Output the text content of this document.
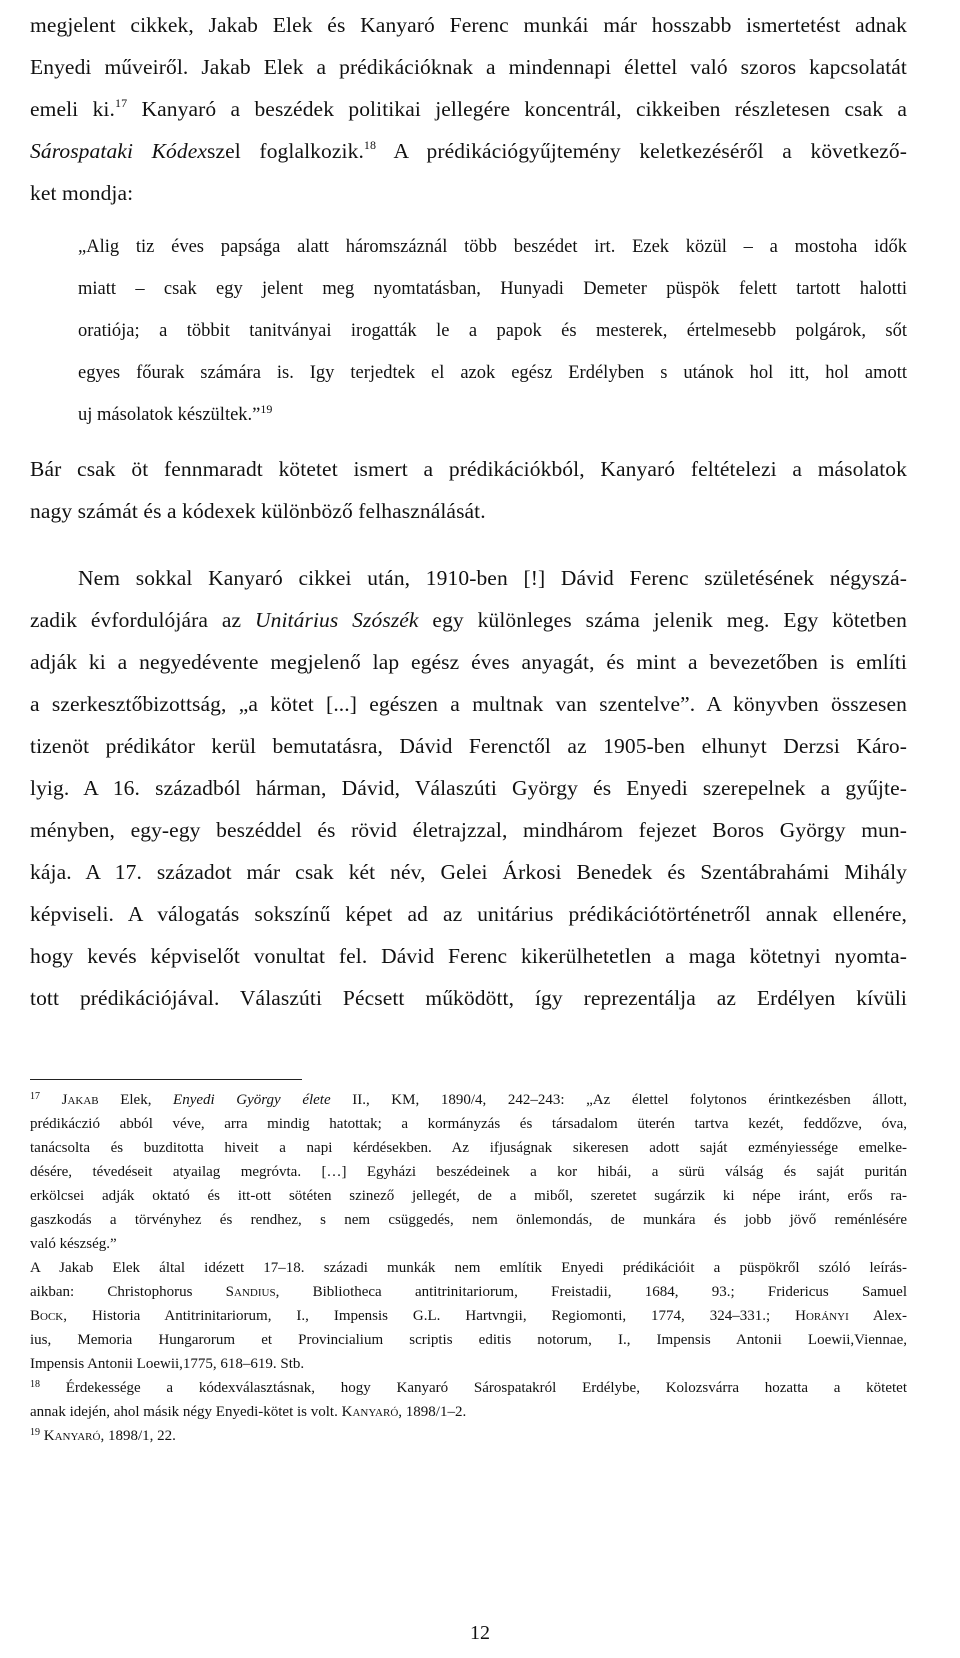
megjelent cikkek, Jakab Elek és Kanyaró Ferenc munkái már hosszabb ismertetést adnak
Enyedi műveiről. Jakab Elek a prédikációknak a mindennapi élettel való szoros kapcsolatát
emeli ki.$^{17}$ Kanyaró a beszédek politikai jellegére koncentrál, cikkeiben részletesen csak a
Sárospataki Kódexszel foglalkozik.$^{18}$ A prédikációgyűjtemény keletkezéséről a következő-
ket mondja:
„Alig tiz éves papsága alatt háromszáznál több beszédet irt. Ezek közül – a mostoha idők
miatt – csak egy jelent meg nyomtatásban, Hunyadi Demeter püspök felett tartott halotti
oratiója; a többit tanitványai irogatták le a papok és mesterek, értelmesebb polgárok, sőt
egyes főurak számára is. Igy terjedtek el azok egész Erdélyben s utánok hol itt, hol amott
uj másolatok készültek.”$^{19}$
Bár csak öt fennmaradt kötetet ismert a prédikációkból, Kanyaró feltételezi a másolatok
nagy számát és a kódexek különböző felhasználását.
Nem sokkal Kanyaró cikkei után, 1910-ben [!] Dávid Ferenc születésének négyszá-
zadik évfordulójára az Unitárius Szószék egy különleges száma jelenik meg. Egy kötetben
adják ki a negyedévente megjelenő lap egész éves anyagát, és mint a bevezetőben is említi
a szerkesztőbizottság, „a kötet [...] egészen a multnak van szentelve”. A könyvben összesen
tizenöt prédikátor kerül bemutatásra, Dávid Ferenctől az 1905-ben elhunyt Derzsi Káro-
lyig. A 16. századból hárman, Dávid, Válaszúti György és Enyedi szerepelnek a gyűjte-
ményben, egy-egy beszéddel és rövid életrajzzal, mindhárom fejezet Boros György mun-
kája. A 17. századot már csak két név, Gelei Árkosi Benedek és Szentábrahámi Mihály
képviseli. A válogatás sokszínű képet ad az unitárius prédikációtörténetről annak ellenére,
hogy kevés képviselőt vonultat fel. Dávid Ferenc kikerülhetetlen a maga kötetnyi nyomta-
tott prédikációjával. Válaszúti Pécsett működött, így reprezentálja az Erdélyen kívüli
$^{17}$ Jakab Elek, Enyedi György élete II., KM, 1890/4, 242–243: „Az élettel folytonos érintkezésben állott,
prédikáczió abból véve, arra mindig hatottak; a kormányzás és társadalom üterén tartva kezét, feddőzve, óva,
tanácsolta és buzditotta hiveit a napi kérdésekben. Az ifjuságnak sikeresen adott saját ezményiessége emelke-
désére, tévedéseit atyailag megróvta. […] Egyházi beszédeinek a kor hibái, a sürü válság és saját puritán
erkölcsei adják oktató és itt-ott sötéten szinező jellegét, de a miből, szeretet sugárzik ki népe iránt, erős ra-
gaszkodás a törvényhez és rendhez, s nem csüggedés, nem önlemondás, de munkára és jobb jövő reménlésére
való készség.”
A Jakab Elek által idézett 17–18. századi munkák nem említik Enyedi prédikációit a püspökről szóló leírás-
aikban: Christophorus Sandius, Bibliotheca antitrinitariorum, Freistadii, 1684, 93.; Fridericus Samuel
Bock, Historia Antitrinitariorum, I., Impensis G.L. Hartvngii, Regiomonti, 1774, 324–331.; Horányi Alex-
ius, Memoria Hungarorum et Provincialium scriptis editis notorum, I., Impensis Antonii Loewii,Viennae,
Impensis Antonii Loewii,1775, 618–619. Stb.
$^{18}$ Érdekessége a kódexválasztásnak, hogy Kanyaró Sárospatakról Erdélybe, Kolozsvárra hozatta a kötetet
annak idején, ahol másik négy Enyedi-kötet is volt. Kanyaró, 1898/1–2.
$^{19}$ Kanyaró, 1898/1, 22.
12
